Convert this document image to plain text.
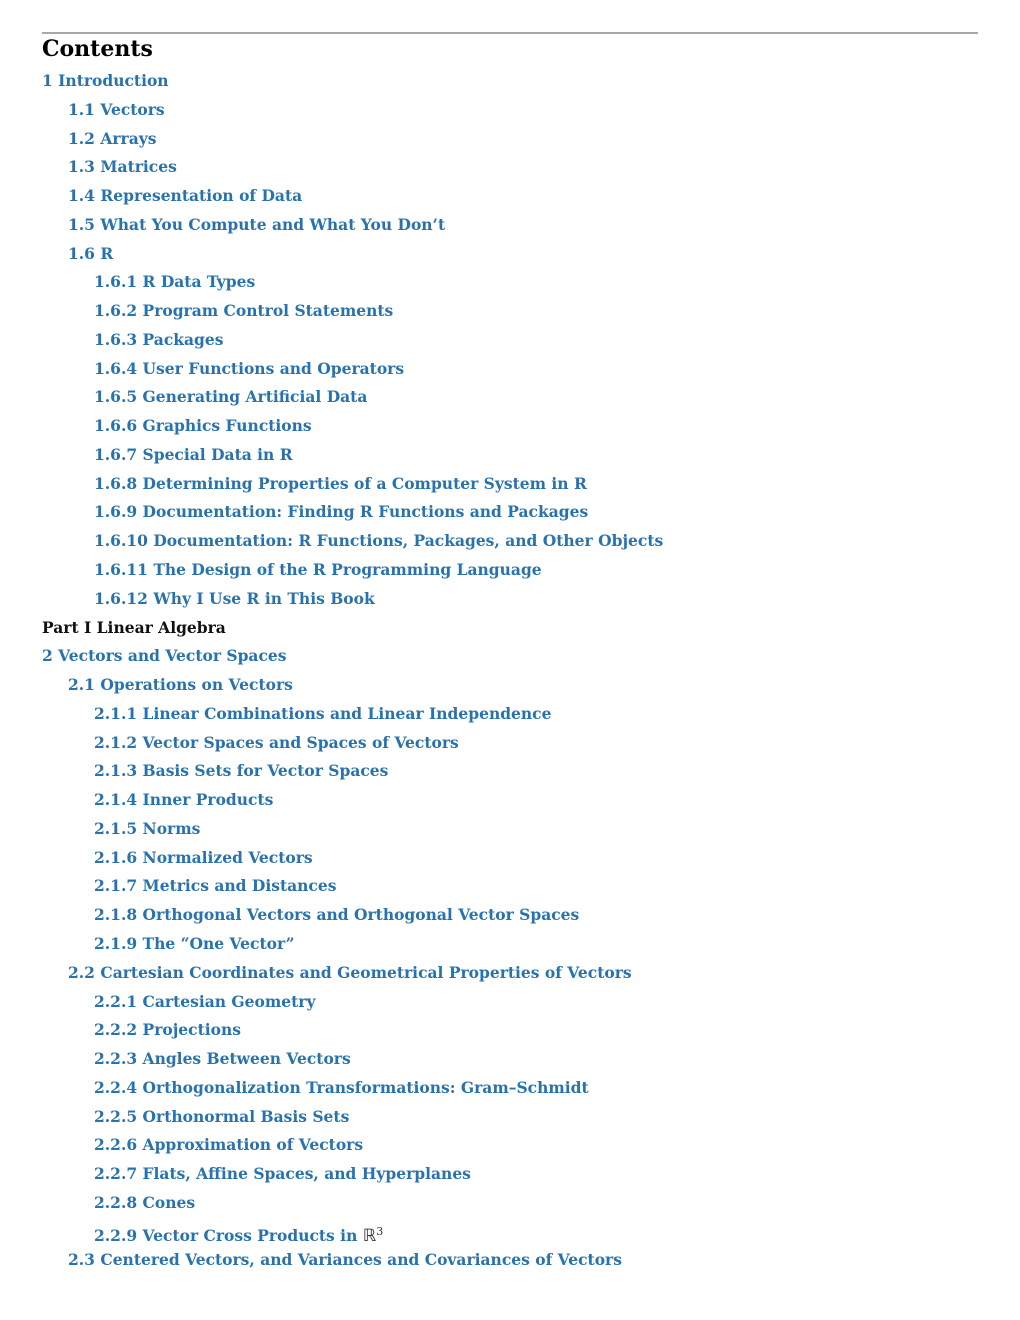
Contents
1 Introduction
1.1 Vectors
1.2 Arrays
1.3 Matrices
1.4 Representation of Data
1.5 What You Compute and What You Don’t
1.6 R
1.6.1 R Data Types
1.6.2 Program Control Statements
1.6.3 Packages
1.6.4 User Functions and Operators
1.6.5 Generating Artificial Data
1.6.6 Graphics Functions
1.6.7 Special Data in R
1.6.8 Determining Properties of a Computer System in R
1.6.9 Documentation: Finding R Functions and Packages
1.6.10 Documentation: R Functions, Packages, and Other Objects
1.6.11 The Design of the R Programming Language
1.6.12 Why I Use R in This Book
Part I Linear Algebra
2 Vectors and Vector Spaces
2.1 Operations on Vectors
2.1.1 Linear Combinations and Linear Independence
2.1.2 Vector Spaces and Spaces of Vectors
2.1.3 Basis Sets for Vector Spaces
2.1.4 Inner Products
2.1.5 Norms
2.1.6 Normalized Vectors
2.1.7 Metrics and Distances
2.1.8 Orthogonal Vectors and Orthogonal Vector Spaces
2.1.9 The “One Vector”
2.2 Cartesian Coordinates and Geometrical Properties of Vectors
2.2.1 Cartesian Geometry
2.2.2 Projections
2.2.3 Angles Between Vectors
2.2.4 Orthogonalization Transformations: Gram–Schmidt
2.2.5 Orthonormal Basis Sets
2.2.6 Approximation of Vectors
2.2.7 Flats, Affine Spaces, and Hyperplanes
2.2.8 Cones
2.2.9 Vector Cross Products in ℝ$^3$
2.3 Centered Vectors, and Variances and Covariances of Vectors
